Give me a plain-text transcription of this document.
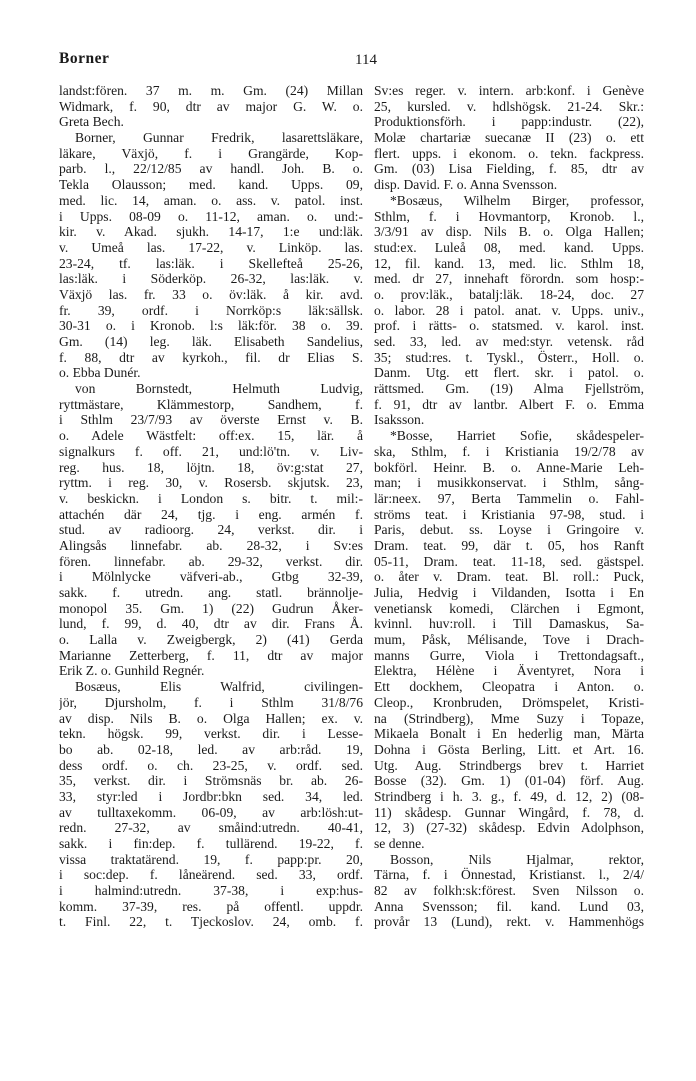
Borner	114
landst:fören. 37 m. m. Gm. (24) Millan
Widmark, f. 90, dtr av major G. W. o.
Greta Bech.
Borner, Gunnar Fredrik, lasarettsläkare,
läkare, Växjö, f. i Grangärde, Kop-
parb. l., 22/12/85 av handl. Joh. B. o.
Tekla Olausson; med. kand. Upps. 09,
med. lic. 14, aman. o. ass. v. patol. inst.
i Upps. 08-09 o. 11-12, aman. o. und:-
kir. v. Akad. sjukh. 14-17, 1:e und:läk.
v. Umeå las. 17-22, v. Linköp. las.
23-24, tf. las:läk. i Skellefteå 25-26,
las:läk. i Söderköp. 26-32, las:läk. v.
Växjö las. fr. 33 o. öv:läk. å kir. avd.
fr. 39, ordf. i Norrköp:s läk:sällsk.
30-31 o. i Kronob. l:s läk:för. 38 o. 39.
Gm. (14) leg. läk. Elisabeth Sandelius,
f. 88, dtr av kyrkoh., fil. dr Elias S.
o. Ebba Dunér.
von Bornstedt, Helmuth Ludvig,
ryttmästare, Klämmestorp, Sandhem, f.
i Sthlm 23/7/93 av överste Ernst v. B.
o. Adele Wästfelt: off:ex. 15, lär. å
signalkurs f. off. 21, und:lö'tn. v. Liv-
reg. hus. 18, löjtn. 18, öv:g:stat 27,
ryttm. i reg. 30, v. Rosersb. skjutsk. 23,
v. beskickn. i London s. bitr. t. mil:-
attachén där 24, tjg. i eng. armén f.
stud. av radioorg. 24, verkst. dir. i
Alingsås linnefabr. ab. 28-32, i Sv:es
fören. linnefabr. ab. 29-32, verkst. dir.
i Mölnlycke väfveri-ab., Gtbg 32-39,
sakk. f. utredn. ang. statl. brännolje-
monopol 35. Gm. 1) (22) Gudrun Åker-
lund, f. 99, d. 40, dtr av dir. Frans Å.
o. Lalla v. Zweigbergk, 2) (41) Gerda
Marianne Zetterberg, f. 11, dtr av major
Erik Z. o. Gunhild Regnér.
Bosæus, Elis Walfrid, civilingen-
jör, Djursholm, f. i Sthlm 31/8/76
av disp. Nils B. o. Olga Hallen; ex. v.
tekn. högsk. 99, verkst. dir. i Lesse-
bo ab. 02-18, led. av arb:råd. 19,
dess ordf. o. ch. 23-25, v. ordf. sed.
35, verkst. dir. i Strömsnäs br. ab. 26-
33, styr:led i Jordbr:bkn sed. 34, led.
av tulltaxekomm. 06-09, av arb:lösh:ut-
redn. 27-32, av småind:utredn. 40-41,
sakk. i fin:dep. f. tullärend. 19-22, f.
vissa traktatärend. 19, f. papp:pr. 20,
i soc:dep. f. låneärend. sed. 33, ordf.
i halmind:utredn. 37-38, i exp:hus-
komm. 37-39, res. på offentl. uppdr.
t. Finl. 22, t. Tjeckoslov. 24, omb. f.
Sv:es reger. v. intern. arb:konf. i Genève
25, kursled. v. hdlshögsk. 21-24. Skr.:
Produktionsförh. i papp:industr. (22),
Molæ chartariæ suecanæ II (23) o. ett
flert. upps. i ekonom. o. tekn. fackpress.
Gm. (03) Lisa Fielding, f. 85, dtr av
disp. David. F. o. Anna Svensson.
*Bosæus, Wilhelm Birger, professor,
Sthlm, f. i Hovmantorp, Kronob. l.,
3/3/91 av disp. Nils B. o. Olga Hallen;
stud:ex. Luleå 08, med. kand. Upps.
12, fil. kand. 13, med. lic. Sthlm 18,
med. dr 27, innehaft förordn. som hosp:-
o. prov:läk., batalj:läk. 18-24, doc. 27
o. labor. 28 i patol. anat. v. Upps. univ.,
prof. i rätts- o. statsmed. v. karol. inst.
sed. 33, led. av med:styr. vetensk. råd
35; stud:res. t. Tyskl., Österr., Holl. o.
Danm. Utg. ett flert. skr. i patol. o.
rättsmed. Gm. (19) Alma Fjellström,
f. 91, dtr av lantbr. Albert F. o. Emma
Isaksson.
*Bosse, Harriet Sofie, skådespeler-
ska, Sthlm, f. i Kristiania 19/2/78 av
bokförl. Heinr. B. o. Anne-Marie Leh-
man; i musikkonservat. i Sthlm, sång-
lär:neex. 97, Berta Tammelin o. Fahl-
ströms teat. i Kristiania 97-98, stud. i
Paris, debut. ss. Loyse i Gringoire v.
Dram. teat. 99, där t. 05, hos Ranft
05-11, Dram. teat. 11-18, sed. gästspel.
o. åter v. Dram. teat. Bl. roll.: Puck,
Julia, Hedvig i Vildanden, Isotta i En
venetiansk komedi, Clärchen i Egmont,
kvinnl. huv:roll. i Till Damaskus, Sa-
mum, Påsk, Mélisande, Tove i Drach-
manns Gurre, Viola i Trettondagsaft.,
Elektra, Hélène i Äventyret, Nora i
Ett dockhem, Cleopatra i Anton. o.
Cleop., Kronbruden, Drömspelet, Kristi-
na (Strindberg), Mme Suzy i Topaze,
Mikaela Bonalt i En hederlig man, Märta
Dohna i Gösta Berling, Litt. et Art. 16.
Utg. Aug. Strindbergs brev t. Harriet
Bosse (32). Gm. 1) (01-04) förf. Aug.
Strindberg i h. 3. g., f. 49, d. 12, 2) (08-
11) skådesp. Gunnar Wingård, f. 78, d.
12, 3) (27-32) skådesp. Edvin Adolphson,
se denne.
Bosson, Nils Hjalmar, rektor,
Tärna, f. i Önnestad, Kristianst. l., 2/4/
82 av folkh:sk:förest. Sven Nilsson o.
Anna Svensson; fil. kand. Lund 03,
provår 13 (Lund), rekt. v. Hammenhögs
